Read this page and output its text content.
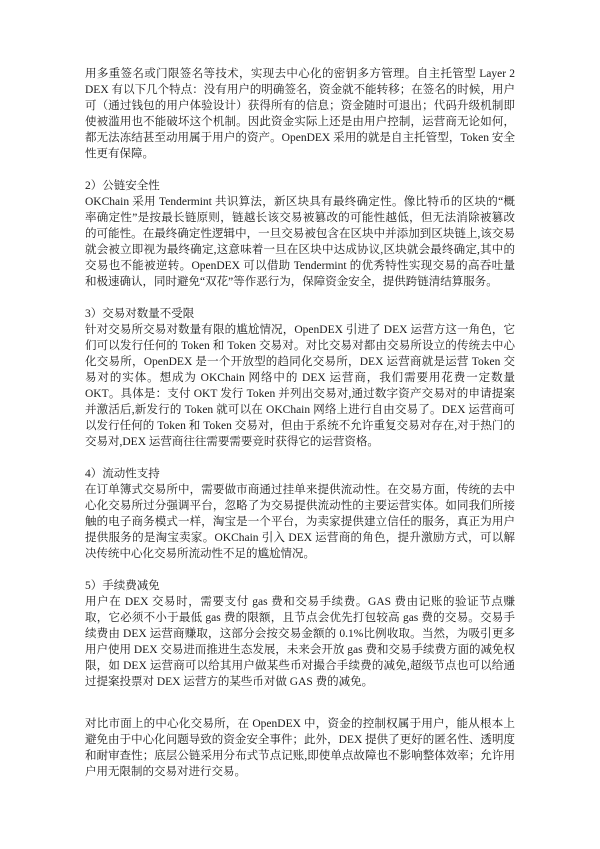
用多重签名或门限签名等技术，实现去中心化的密钥多方管理。自主托管型 Layer 2 DEX 有以下几个特点：没有用户的明确签名，资金就不能转移；在签名的时候，用户可（通过钱包的用户体验设计）获得所有的信息；资金随时可退出；代码升级机制即使被滥用也不能破坏这个机制。因此资金实际上还是由用户控制，运营商无论如何，都无法冻结甚至动用属于用户的资产。OpenDEX 采用的就是自主托管型，Token 安全性更有保障。

2）公链安全性

OKChain 采用 Tendermint 共识算法，新区块具有最终确定性。像比特币的区块的“概率确定性”是按最长链原则，链越长该交易被篡改的可能性越低，但无法消除被篡改的可能性。在最终确定性逻辑中，一旦交易被包含在区块中并添加到区块链上,该交易就会被立即视为最终确定,这意味着一旦在区块中达成协议,区块就会最终确定,其中的交易也不能被逆转。OpenDEX 可以借助 Tendermint 的优秀特性实现交易的高吞吐量和极速确认，同时避免“双花”等作恶行为，保障资金安全，提供跨链清结算服务。

3）交易对数量不受限

针对交易所交易对数量有限的尴尬情况，OpenDEX 引进了 DEX 运营方这一角色，它们可以发行任何的 Token 和 Token 交易对。对比交易对都由交易所设立的传统去中心化交易所，OpenDEX 是一个开放型的趋同化交易所，DEX 运营商就是运营 Token 交易对的实体。想成为 OKChain 网络中的 DEX 运营商，我们需要用花费一定数量 OKT。具体是：支付 OKT 发行 Token 并列出交易对,通过数字资产交易对的申请提案并激活后,新发行的 Token 就可以在 OKChain 网络上进行自由交易了。DEX 运营商可以发行任何的 Token 和 Token 交易对，但由于系统不允许重复交易对存在,对于热门的交易对,DEX 运营商往往需要需要竞时获得它的运营资格。

4）流动性支持

在订单簿式交易所中，需要做市商通过挂单来提供流动性。在交易方面，传统的去中心化交易所过分强调平台，忽略了为交易提供流动性的主要运营实体。如同我们所接触的电子商务模式一样，淘宝是一个平台，为卖家提供建立信任的服务，真正为用户提供服务的是淘宝卖家。OKChain 引入 DEX 运营商的角色，提升激励方式，可以解决传统中心化交易所流动性不足的尴尬情况。

5）手续费减免

用户在 DEX 交易时，需要支付 gas 费和交易手续费。GAS 费由记账的验证节点赚取，它必须不小于最低 gas 费的限额，且节点会优先打包较高 gas 费的交易。交易手续费由 DEX 运营商赚取，这部分会按交易金额的 0.1%比例收取。当然，为吸引更多用户使用 DEX 交易进而推进生态发展，未来会开放 gas 费和交易手续费方面的减免权限，如 DEX 运营商可以给其用户做某些币对撮合手续费的减免,超级节点也可以给通过提案投票对 DEX 运营方的某些币对做 GAS 费的减免。

对比市面上的中心化交易所，在 OpenDEX 中，资金的控制权属于用户，能从根本上避免由于中心化问题导致的资金安全事件；此外，DEX 提供了更好的匿名性、透明度和耐审查性；底层公链采用分布式节点记账,即使单点故障也不影响整体效率；允许用户用无限制的交易对进行交易。
